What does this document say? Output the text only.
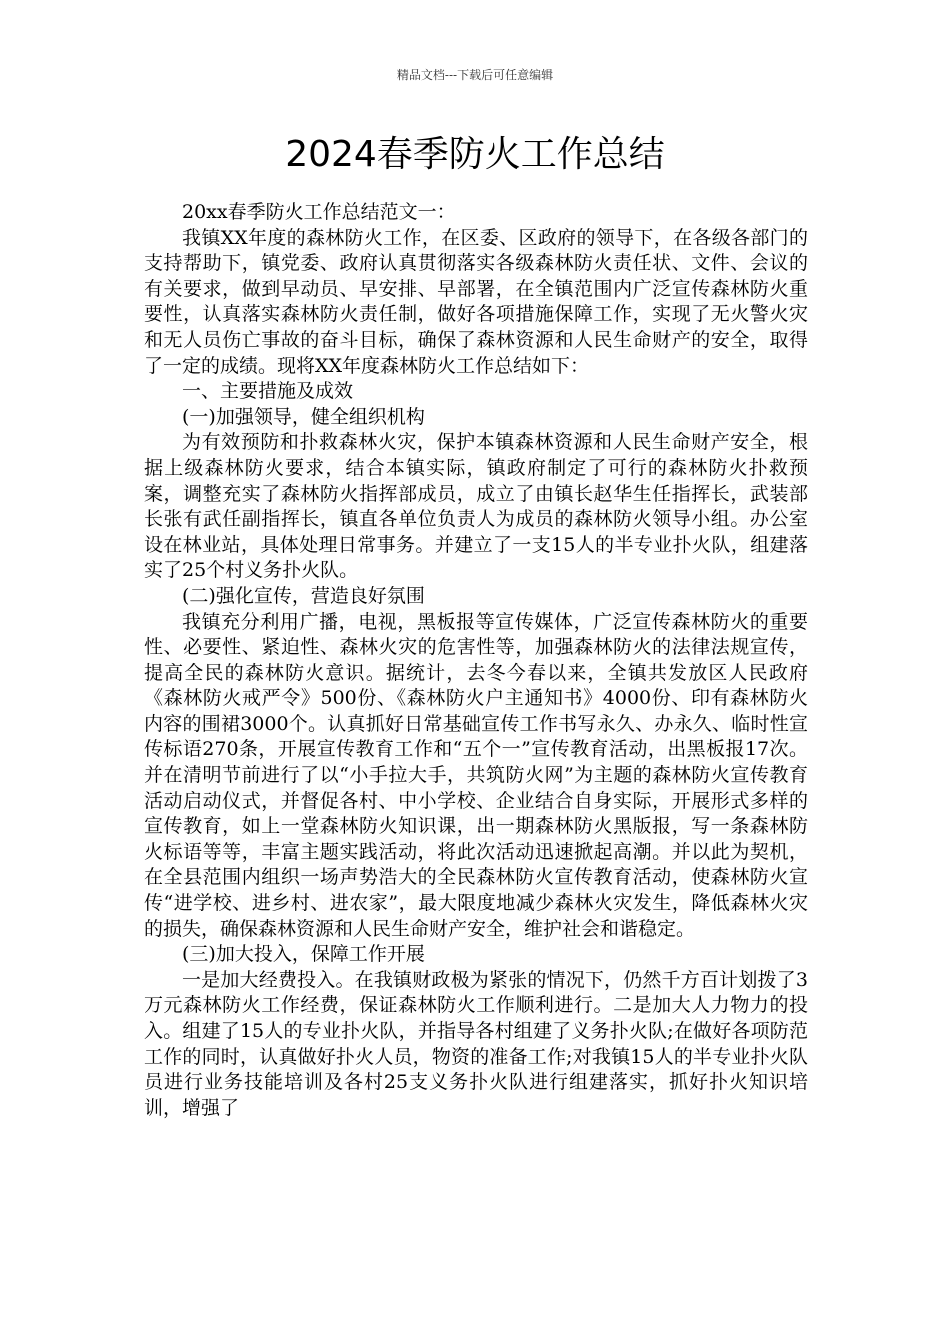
精品文档---下载后可任意编辑
2024春季防火工作总结

20xx春季防火工作总结范文一：

我镇XX年度的森林防火工作，在区委、区政府的领导下，在各级各部门的支持帮助下，镇党委、政府认真贯彻落实各级森林防火责任状、文件、会议的有关要求，做到早动员、早安排、早部署，在全镇范围内广泛宣传森林防火重要性，认真落实森林防火责任制，做好各项措施保障工作，实现了无火警火灾和无人员伤亡事故的奋斗目标，确保了森林资源和人民生命财产的安全，取得了一定的成绩。现将XX年度森林防火工作总结如下：

一、主要措施及成效

(一)加强领导，健全组织机构

为有效预防和扑救森林火灾，保护本镇森林资源和人民生命财产安全，根据上级森林防火要求，结合本镇实际，镇政府制定了可行的森林防火扑救预案，调整充实了森林防火指挥部成员，成立了由镇长赵华生任指挥长，武装部长张有武任副指挥长，镇直各单位负责人为成员的森林防火领导小组。办公室设在林业站，具体处理日常事务。并建立了一支15人的半专业扑火队，组建落实了25个村义务扑火队。

(二)强化宣传，营造良好氛围

我镇充分利用广播，电视，黑板报等宣传媒体，广泛宣传森林防火的重要性、必要性、紧迫性、森林火灾的危害性等，加强森林防火的法律法规宣传，提高全民的森林防火意识。据统计，去冬今春以来，全镇共发放区人民政府《森林防火戒严令》500份、《森林防火户主通知书》4000份、印有森林防火内容的围裙3000个。认真抓好日常基础宣传工作书写永久、办永久、临时性宣传标语270条，开展宣传教育工作和“五个一”宣传教育活动，出黑板报17次。并在清明节前进行了以“小手拉大手，共筑防火网”为主题的森林防火宣传教育活动启动仪式，并督促各村、中小学校、企业结合自身实际，开展形式多样的宣传教育，如上一堂森林防火知识课，出一期森林防火黑版报，写一条森林防火标语等等，丰富主题实践活动，将此次活动迅速掀起高潮。并以此为契机，在全县范围内组织一场声势浩大的全民森林防火宣传教育活动，使森林防火宣传“进学校、进乡村、进农家”，最大限度地减少森林火灾发生，降低森林火灾的损失，确保森林资源和人民生命财产安全，维护社会和谐稳定。

(三)加大投入，保障工作开展

一是加大经费投入。在我镇财政极为紧张的情况下，仍然千方百计划拨了3万元森林防火工作经费，保证森林防火工作顺利进行。二是加大人力物力的投入。组建了15人的专业扑火队，并指导各村组建了义务扑火队;在做好各项防范工作的同时，认真做好扑火人员，物资的准备工作;对我镇15人的半专业扑火队员进行业务技能培训及各村25支义务扑火队进行组建落实，抓好扑火知识培训，增强了
